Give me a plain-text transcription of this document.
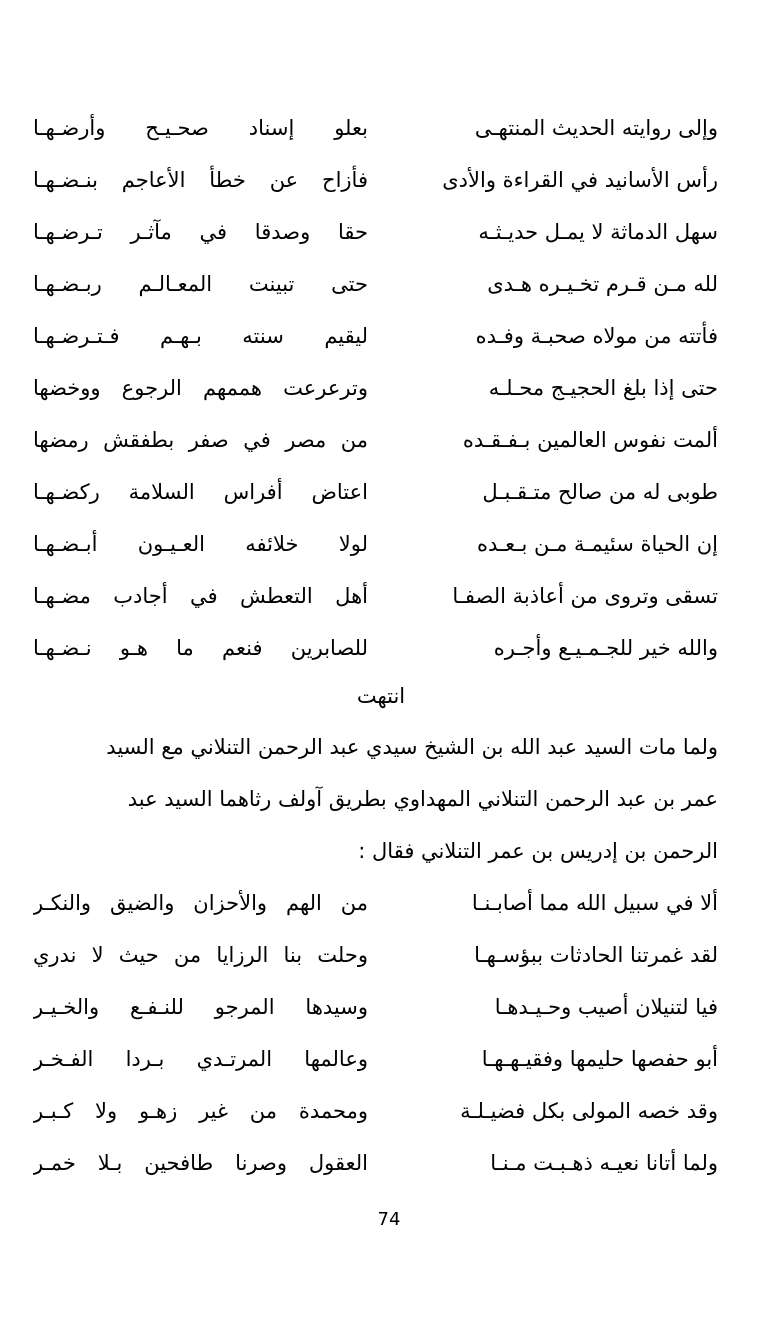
وإلى روايته الحديث المنتهـى
بعلو إسناد صحـيـح وأرضـهـا
رأس الأسانيد في القراءة والأدى
فأزاح عن خطأ الأعاجم بنـضـهـا
سهل الدماثة لا يمـل حديـثـه
حقا وصدقا في مآثـر تـرضـهـا
لله مـن قـرم تخـيـره هـدى
حتى تبينت المعـالـم ربـضـهـا
فأتته من مولاه صحبـة وفـده
ليقيم سنته بـهـم فـتـرضـهـا
حتى إذا بلغ الحجيـج محـلـه
وترعرعت هممهم الرجوع ووخضها
ألمت نفوس العالمين بـفـقـده
من مصر في صفر بطفقش رمضها
طوبى له من صالح متـقـبـل
اعتاض أفراس السلامة ركضـهـا
إن الحياة سئيمـة مـن بـعـده
لولا خلائفه العـيـون أبـضـهـا
تسقى وتروى من أعاذبة الصفـا
أهل التعطش في أجادب مضـهـا
والله خير للجـمـيـع وأجـره
للصابرين فنعم ما هـو نـضـهـا
انتهت
ولما مات السيد عبد الله بن الشيخ سيدي عبد الرحمن التنلاني مع السيد
عمر بن عبد الرحمن التنلاني المهداوي بطريق آولف رثاهما السيد عبد
الرحمن بن إدريس بن عمر التنلاني فقال :
ألا في سبيل الله مما أصابـنـا
من الهم والأحزان والضيق والنكـر
لقد غمرتنا الحادثات ببؤسـهـا
وحلت بنا الرزايا من حيث لا ندري
فيا لتنيلان أصيب وحـيـدهـا
وسيدها المرجو للنـفـع والخـيـر
أبو حفصها حليمها وفقيـهـهـا
وعالمها المرتـدي بـردا الفـخـر
وقد خصه المولى بكل فضيـلـة
ومحمدة من غير زهـو ولا كـبـر
ولما أتانا نعيـه ذهـبـت مـنـا
العقول وصرنا طافحين بـلا خمـر
74
